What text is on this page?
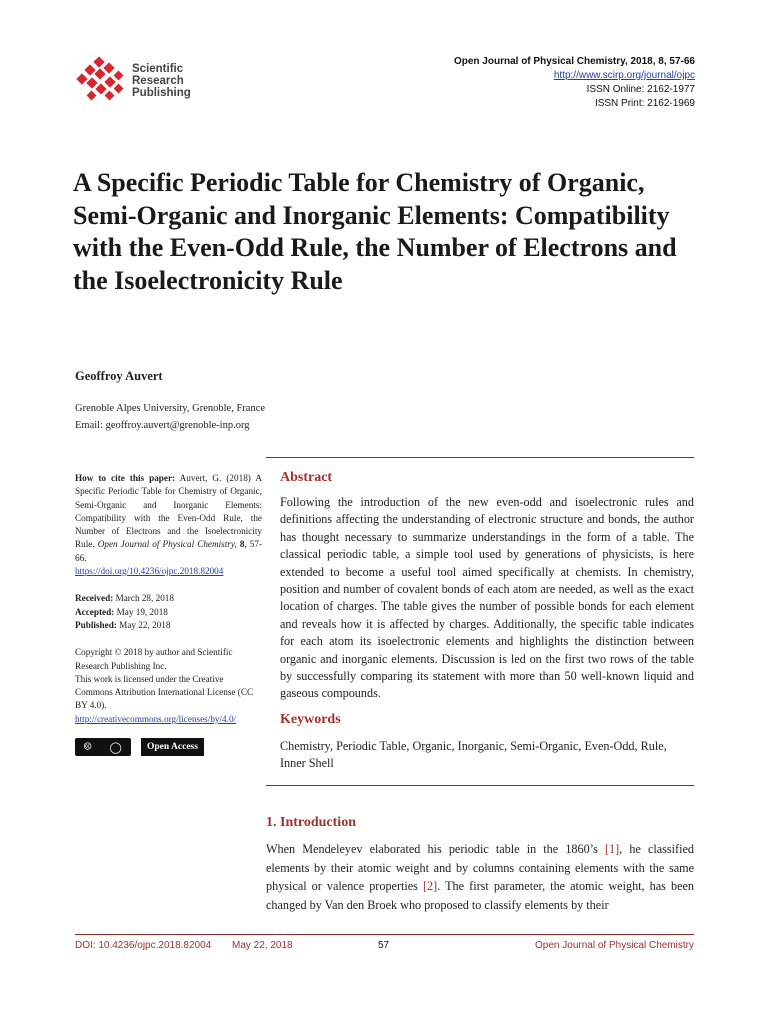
Scientific
Research
Publishing
Open Journal of Physical Chemistry, 2018, 8, 57-66
http://www.scirp.org/journal/ojpc
ISSN Online: 2162-1977
ISSN Print: 2162-1969
A Specific Periodic Table for Chemistry of Organic, Semi-Organic and Inorganic Elements: Compatibility with the Even-Odd Rule, the Number of Electrons and the Isoelectronicity Rule
Geoffroy Auvert
Grenoble Alpes University, Grenoble, France
Email: geoffroy.auvert@grenoble-inp.org
How to cite this paper: Auvert, G. (2018) A Specific Periodic Table for Chemistry of Organic, Semi-Organic and Inorganic Elements: Compatibility with the Even-Odd Rule, the Number of Electrons and the Isoelectronicity Rule. Open Journal of Physical Chemistry, 8, 57-66.
https://doi.org/10.4236/ojpc.2018.82004
Received: March 28, 2018
Accepted: May 19, 2018
Published: May 22, 2018
Copyright © 2018 by author and Scientific Research Publishing Inc.
This work is licensed under the Creative Commons Attribution International License (CC BY 4.0).
http://creativecommons.org/licenses/by/4.0/
🅭 ◯	Open Access
Abstract
Following the introduction of the new even-odd and isoelectronic rules and definitions affecting the understanding of electronic structure and bonds, the author has thought necessary to summarize understandings in the form of a table. The classical periodic table, a simple tool used by generations of physicists, is here extended to become a useful tool aimed specifically at chemists. In chemistry, position and number of covalent bonds of each atom are needed, as well as the exact location of charges. The table gives the number of possible bonds for each element and reveals how it is affected by charges. Additionally, the specific table indicates for each atom its isoelectronic elements and highlights the distinction between organic and inorganic elements. Discussion is led on the first two rows of the table by successfully comparing its statement with more than 50 well-known liquid and gaseous compounds.
Keywords
Chemistry, Periodic Table, Organic, Inorganic, Semi-Organic, Even-Odd, Rule, Inner Shell
1. Introduction
When Mendeleyev elaborated his periodic table in the 1860’s [1], he classified elements by their atomic weight and by columns containing elements with the same physical or valence properties [2]. The first parameter, the atomic weight, has been changed by Van den Broek who proposed to classify elements by their
DOI: 10.4236/ojpc.2018.82004 May 22, 2018	57	Open Journal of Physical Chemistry
